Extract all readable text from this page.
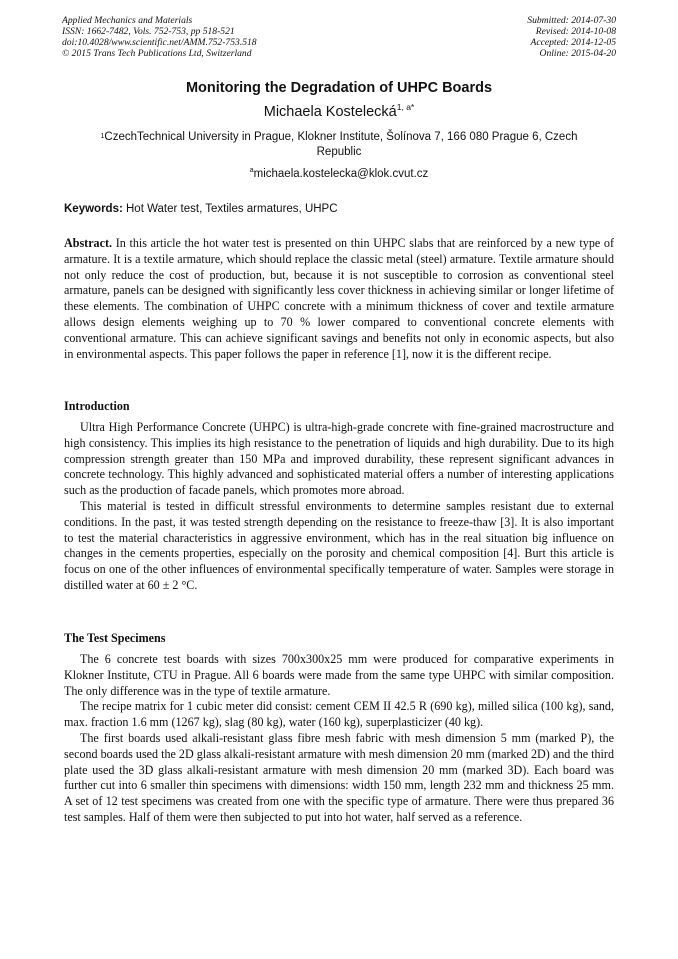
Applied Mechanics and Materials
ISSN: 1662-7482, Vols. 752-753, pp 518-521
doi:10.4028/www.scientific.net/AMM.752-753.518
© 2015 Trans Tech Publications Ltd, Switzerland
Submitted: 2014-07-30
Revised: 2014-10-08
Accepted: 2014-12-05
Online: 2015-04-20
Monitoring the Degradation of UHPC Boards
Michaela Kostelecká$^{1, a*}$
$^1$CzechTechnical University in Prague, Klokner Institute, Šolínova 7, 166 080 Prague 6, Czech Republic
$^a$michaela.kostelecka@klok.cvut.cz
Keywords: Hot Water test, Textiles armatures, UHPC

Abstract. In this article the hot water test is presented on thin UHPC slabs that are reinforced by a new type of armature. It is a textile armature, which should replace the classic metal (steel) armature. Textile armature should not only reduce the cost of production, but, because it is not susceptible to corrosion as conventional steel armature, panels can be designed with significantly less cover thickness in achieving similar or longer lifetime of these elements. The combination of UHPC concrete with a minimum thickness of cover and textile armature allows design elements weighing up to 70 % lower compared to conventional concrete elements with conventional armature. This can achieve significant savings and benefits not only in economic aspects, but also in environmental aspects. This paper follows the paper in reference [1], now it is the different recipe.

Introduction

Ultra High Performance Concrete (UHPC) is ultra-high-grade concrete with fine-grained macrostructure and high consistency. This implies its high resistance to the penetration of liquids and high durability. Due to its high compression strength greater than 150 MPa and improved durability, these represent significant advances in concrete technology. This highly advanced and sophisticated material offers a number of interesting applications such as the production of facade panels, which promotes more abroad.

This material is tested in difficult stressful environments to determine samples resistant due to external conditions. In the past, it was tested strength depending on the resistance to freeze-thaw [3]. It is also important to test the material characteristics in aggressive environment, which has in the real situation big influence on changes in the cements properties, especially on the porosity and chemical composition [4]. Burt this article is focus on one of the other influences of environmental specifically temperature of water. Samples were storage in distilled water at 60 ± 2 °C.

The Test Specimens

The 6 concrete test boards with sizes 700x300x25 mm were produced for comparative experiments in Klokner Institute, CTU in Prague. All 6 boards were made from the same type UHPC with similar composition. The only difference was in the type of textile armature.

The recipe matrix for 1 cubic meter did consist: cement CEM II 42.5 R (690 kg), milled silica (100 kg), sand, max. fraction 1.6 mm (1267 kg), slag (80 kg), water (160 kg), superplasticizer (40 kg).

The first boards used alkali-resistant glass fibre mesh fabric with mesh dimension 5 mm (marked P), the second boards used the 2D glass alkali-resistant armature with mesh dimension 20 mm (marked 2D) and the third plate used the 3D glass alkali-resistant armature with mesh dimension 20 mm (marked 3D). Each board was further cut into 6 smaller thin specimens with dimensions: width 150 mm, length 232 mm and thickness 25 mm. A set of 12 test specimens was created from one with the specific type of armature. There were thus prepared 36 test samples. Half of them were then subjected to put into hot water, half served as a reference.
